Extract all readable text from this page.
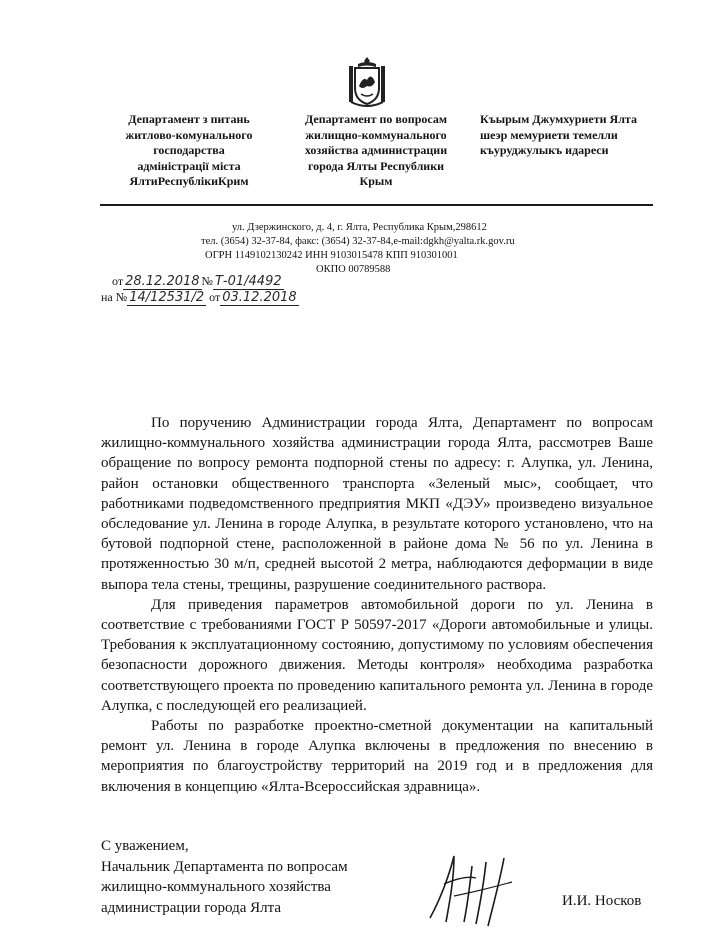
Департамент з питань
житлово-комунального
господарства
адміністрації міста
ЯлтиРеспублікиКрим
Департамент по вопросам
жилищно-коммунального
хозяйства администрации
города Ялты Республики
Крым
Къырым Джумхуриети Ялта
шеэр мемуриети темелли
къуруджулыкъ идареси
ул. Дзержинского, д. 4, г. Ялта, Республика Крым,298612
тел. (3654) 32-37-84, факс: (3654) 32-37-84,e-mail:dgkh@yalta.rk.gov.ru
ОГРН 1149102130242 ИНН 9103015478 КПП 910301001
ОКПО 00789588
от 28.12.2018 № Т-01/4492
на № 14/12531/2 от 03.12.2018

По поручению Администрации города Ялта, Департамент по вопросам жилищно-коммунального хозяйства администрации города Ялта, рассмотрев Ваше обращение по вопросу ремонта подпорной стены по адресу: г. Алупка, ул. Ленина, район остановки общественного транспорта «Зеленый мыс», сообщает, что работниками подведомственного предприятия МКП «ДЭУ» произведено визуальное обследование ул. Ленина в городе Алупка, в результате которого установлено, что на бутовой подпорной стене, расположенной в районе дома № 56 по ул. Ленина в протяженностью 30 м/п, средней высотой 2 метра, наблюдаются деформации в виде выпора тела стены, трещины, разрушение соединительного раствора.

Для приведения параметров автомобильной дороги по ул. Ленина в соответствие с требованиями ГОСТ Р 50597-2017 «Дороги автомобильные и улицы. Требования к эксплуатационному состоянию, допустимому по условиям обеспечения безопасности дорожного движения. Методы контроля» необходима разработка соответствующего проекта по проведению капитального ремонта ул. Ленина в городе Алупка, с последующей его реализацией.

Работы по разработке проектно-сметной документации на капитальный ремонт ул. Ленина в городе Алупка включены в предложения по внесению в мероприятия по благоустройству территорий на 2019 год и в предложения для включения в концепцию «Ялта-Всероссийская здравница».

С уважением,
Начальник Департамента по вопросам
жилищно-коммунального хозяйства
администрации города Ялта	И.И. Носков
